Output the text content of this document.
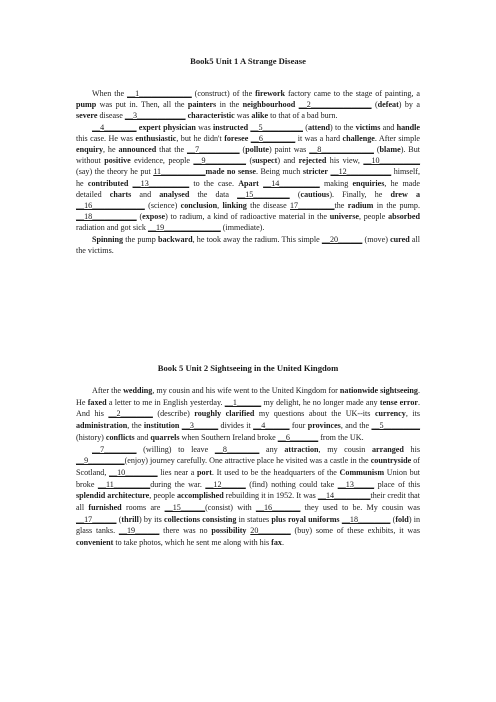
Book5 Unit 1 A Strange Disease

When the __1_____________ (construct) of the firework factory came to the stage of painting, a pump was put in. Then, all the painters in the neighbourhood __2_______________ (defeat) by a severe disease __3____________ characteristic was alike to that of a bad burn.

__4________ expert physician was instructed __5__________ (attend) to the victims and handle this case. He was enthusiastic, but he didn't foresee __6________ it was a hard challenge. After simple enquiry, he announced that the __7__________ (pollute) paint was __8_____________ (blame). But without positive evidence, people __9__________ (suspect) and rejected his view, __10__________ (say) the theory he put 11___________made no sense. Being much stricter __12___________ himself, he contributed __13__________ to the case. Apart __14__________ making enquiries, he made detailed charts and analysed the data __15_________ (cautious). Finally, he drew a __16_____________ (science) conclusion, linking the disease 17_________the radium in the pump. __18___________ (expose) to radium, a kind of radioactive material in the universe, people absorbed radiation and got sick __19______________ (immediate).

Spinning the pump backward, he took away the radium. This simple __20______ (move) cured all the victims.

Book 5 Unit 2 Sightseeing in the United Kingdom

After the wedding, my cousin and his wife went to the United Kingdom for nationwide sightseeing. He faxed a letter to me in English yesterday. __1______ my delight, he no longer made any tense error. And his __2________ (describe) roughly clarified my questions about the UK--its currency, its administration, the institution __3______ divides it __4______ four provinces, and the __5_________ (history) conflicts and quarrels when Southern Ireland broke __6_______ from the UK.

__7________ (willing) to leave __8________ any attraction, my cousin arranged his __9_________(enjoy) journey carefully. One attractive place he visited was a castle in the countryside of Scotland, __10________ lies near a port. It used to be the headquarters of the Communism Union but broke __11_________during the war. __12______ (find) nothing could take __13_____ place of this splendid architecture, people accomplished rebuilding it in 1952. It was __14_________their credit that all furnished rooms are __15______(consist) with __16_______ they used to be. My cousin was __17______ (thrill) by its collections consisting in statues plus royal uniforms __18________ (fold) in glass tanks. __19______ there was no possibility 20________ (buy) some of these exhibits, it was convenient to take photos, which he sent me along with his fax.
